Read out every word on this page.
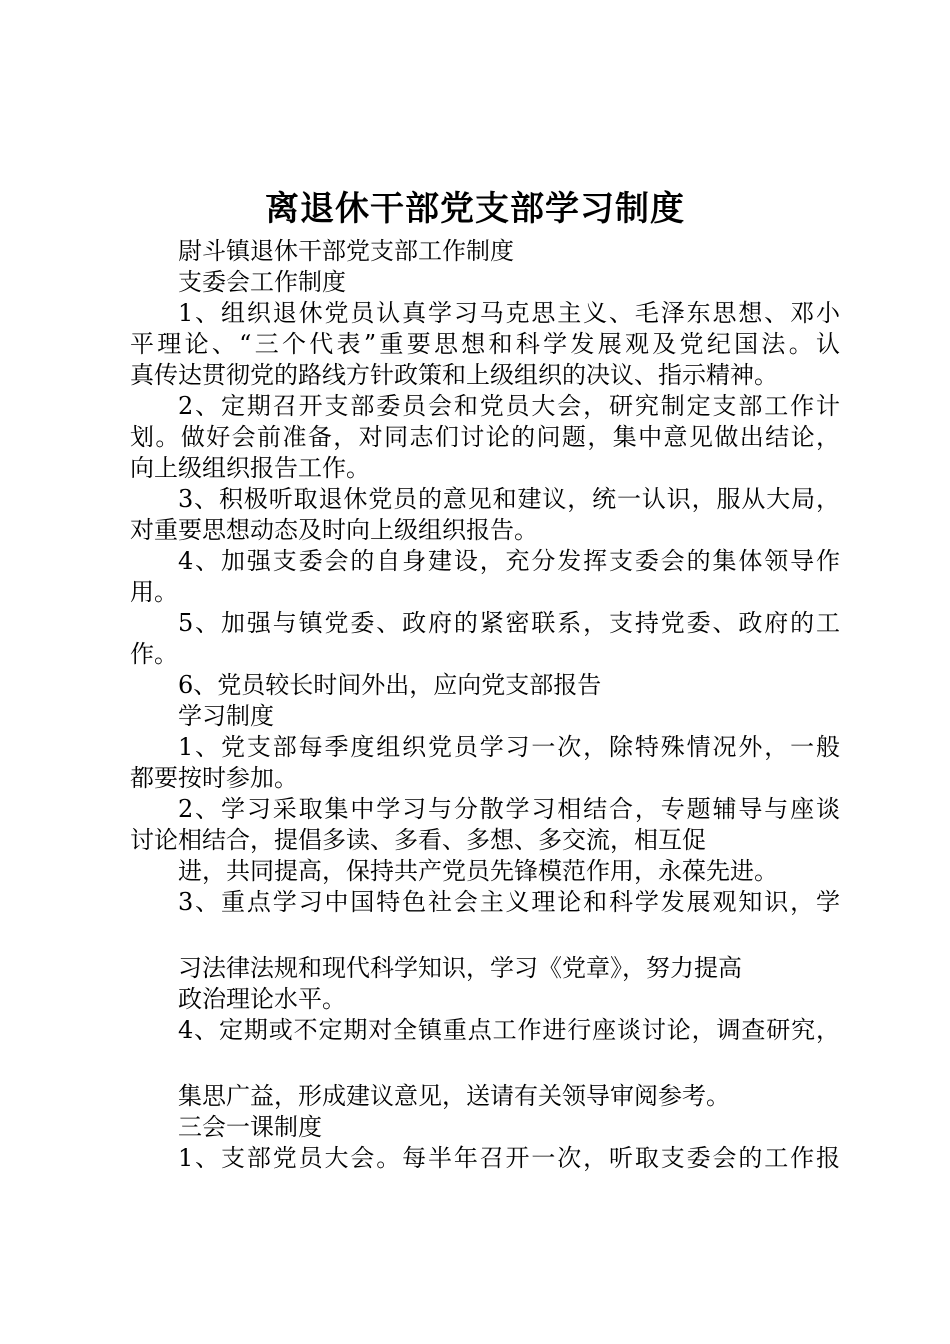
离退休干部党支部学习制度
尉斗镇退休干部党支部工作制度
支委会工作制度
1、组织退休党员认真学习马克思主义、毛泽东思想、邓小
平理论、“三个代表”重要思想和科学发展观及党纪国法。认
真传达贯彻党的路线方针政策和上级组织的决议、指示精神。
2、定期召开支部委员会和党员大会，研究制定支部工作计
划。做好会前准备，对同志们讨论的问题，集中意见做出结论，
向上级组织报告工作。
3、积极听取退休党员的意见和建议，统一认识，服从大局，
对重要思想动态及时向上级组织报告。
4、加强支委会的自身建设，充分发挥支委会的集体领导作
用。
5、加强与镇党委、政府的紧密联系，支持党委、政府的工
作。
6、党员较长时间外出，应向党支部报告
学习制度
1、党支部每季度组织党员学习一次，除特殊情况外，一般
都要按时参加。
2、学习采取集中学习与分散学习相结合，专题辅导与座谈
讨论相结合，提倡多读、多看、多想、多交流，相互促
进，共同提高，保持共产党员先锋模范作用，永葆先进。
3、重点学习中国特色社会主义理论和科学发展观知识，学
习法律法规和现代科学知识，学习《党章》，努力提高
政治理论水平。
4、定期或不定期对全镇重点工作进行座谈讨论，调查研究，
集思广益，形成建议意见，送请有关领导审阅参考。
三会一课制度
1、支部党员大会。每半年召开一次，听取支委会的工作报
